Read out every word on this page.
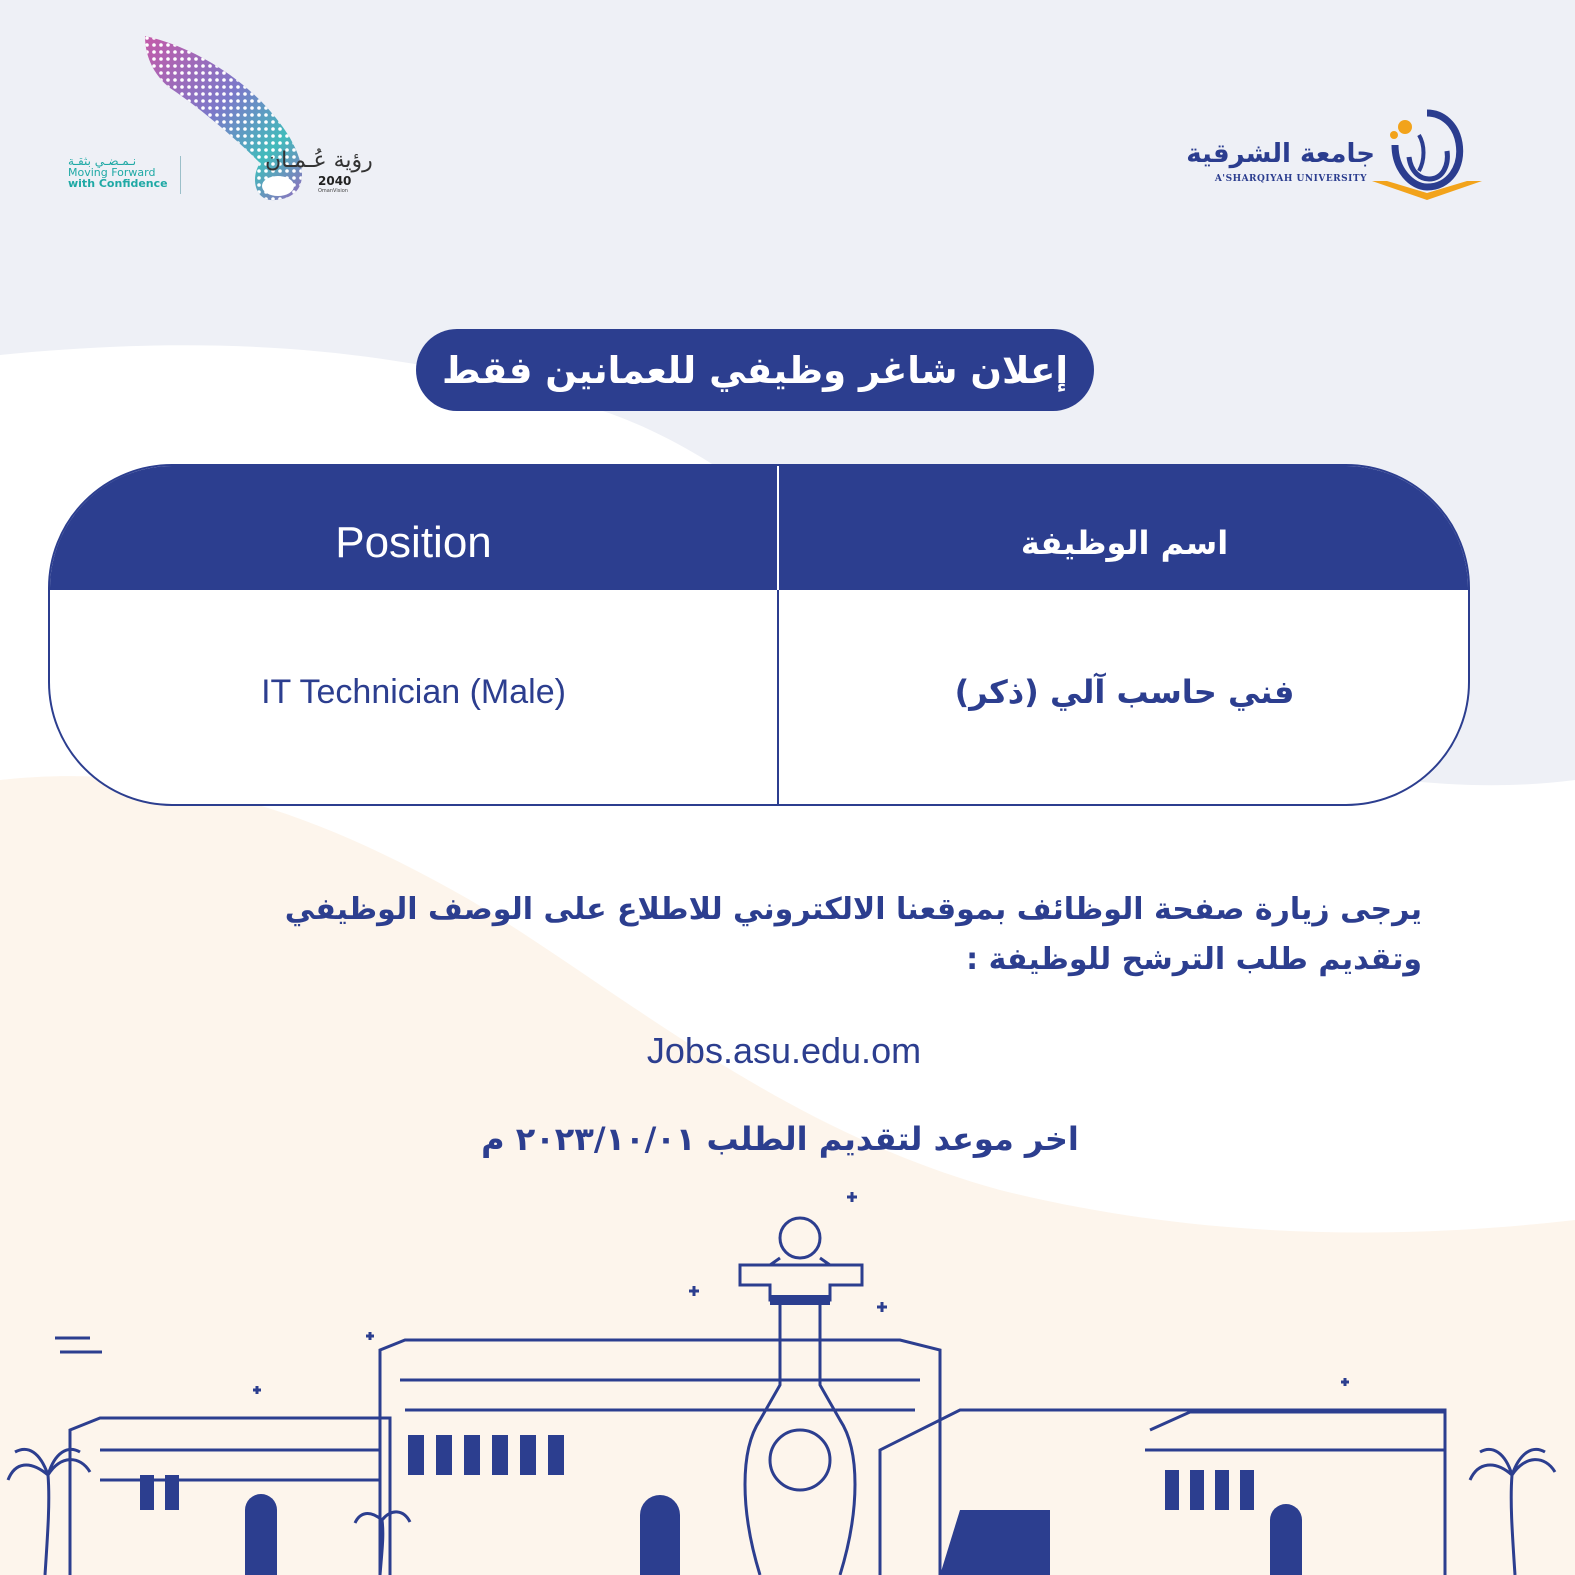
نـمـضـي بثقـة
Moving Forward
with Confidence
رؤية عُـمـان
2040
OmanVision
جامعة الشرقية
A'SHARQIYAH UNIVERSITY
إعلان شاغر وظيفي للعمانين فقط
Position	اسم الوظيفة
IT Technician (Male)	فني حاسب آلي (ذكر)
يرجى زيارة صفحة الوظائف بموقعنا الالكتروني للاطلاع على الوصف الوظيفي
وتقديم طلب الترشح للوظيفة :
Jobs.asu.edu.om
اخر موعد لتقديم الطلب ٢٠٢٣/١٠/٠١ م
